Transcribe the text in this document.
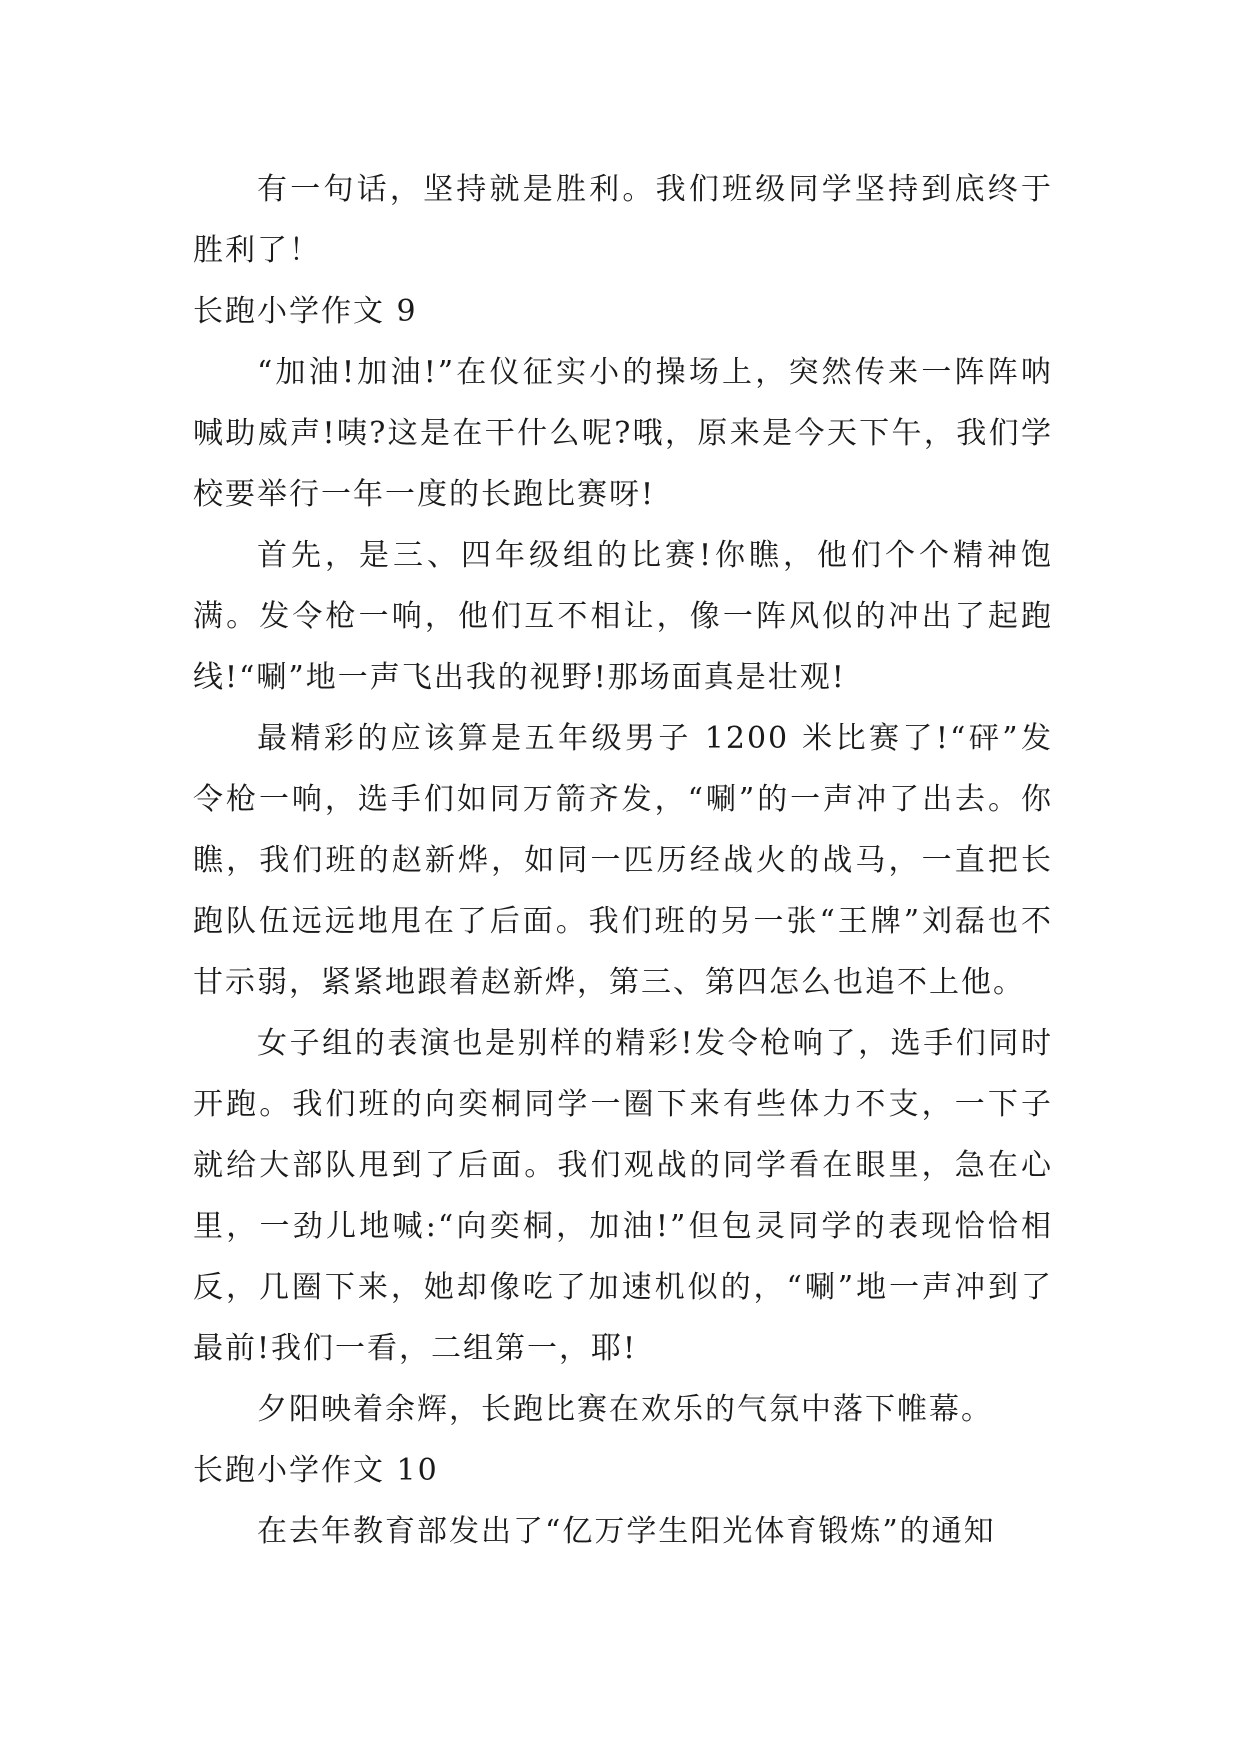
有一句话，坚持就是胜利。我们班级同学坚持到底终于胜利了！

长跑小学作文 9

“加油!加油!”在仪征实小的操场上，突然传来一阵阵呐喊助威声!咦?这是在干什么呢?哦，原来是今天下午，我们学校要举行一年一度的长跑比赛呀!

首先，是三、四年级组的比赛!你瞧，他们个个精神饱满。发令枪一响，他们互不相让，像一阵风似的冲出了起跑线!“唰”地一声飞出我的视野!那场面真是壮观!

最精彩的应该算是五年级男子 1200 米比赛了!“砰”发令枪一响，选手们如同万箭齐发，“唰”的一声冲了出去。你瞧，我们班的赵新烨，如同一匹历经战火的战马，一直把长跑队伍远远地甩在了后面。我们班的另一张“王牌”刘磊也不甘示弱，紧紧地跟着赵新烨，第三、第四怎么也追不上他。

女子组的表演也是别样的精彩!发令枪响了，选手们同时开跑。我们班的向奕桐同学一圈下来有些体力不支，一下子就给大部队甩到了后面。我们观战的同学看在眼里，急在心里，一劲儿地喊:“向奕桐，加油!”但包灵同学的表现恰恰相反，几圈下来，她却像吃了加速机似的，“唰”地一声冲到了最前!我们一看，二组第一，耶!

夕阳映着余辉，长跑比赛在欢乐的气氛中落下帷幕。

长跑小学作文 10

在去年教育部发出了“亿万学生阳光体育锻炼”的通知
